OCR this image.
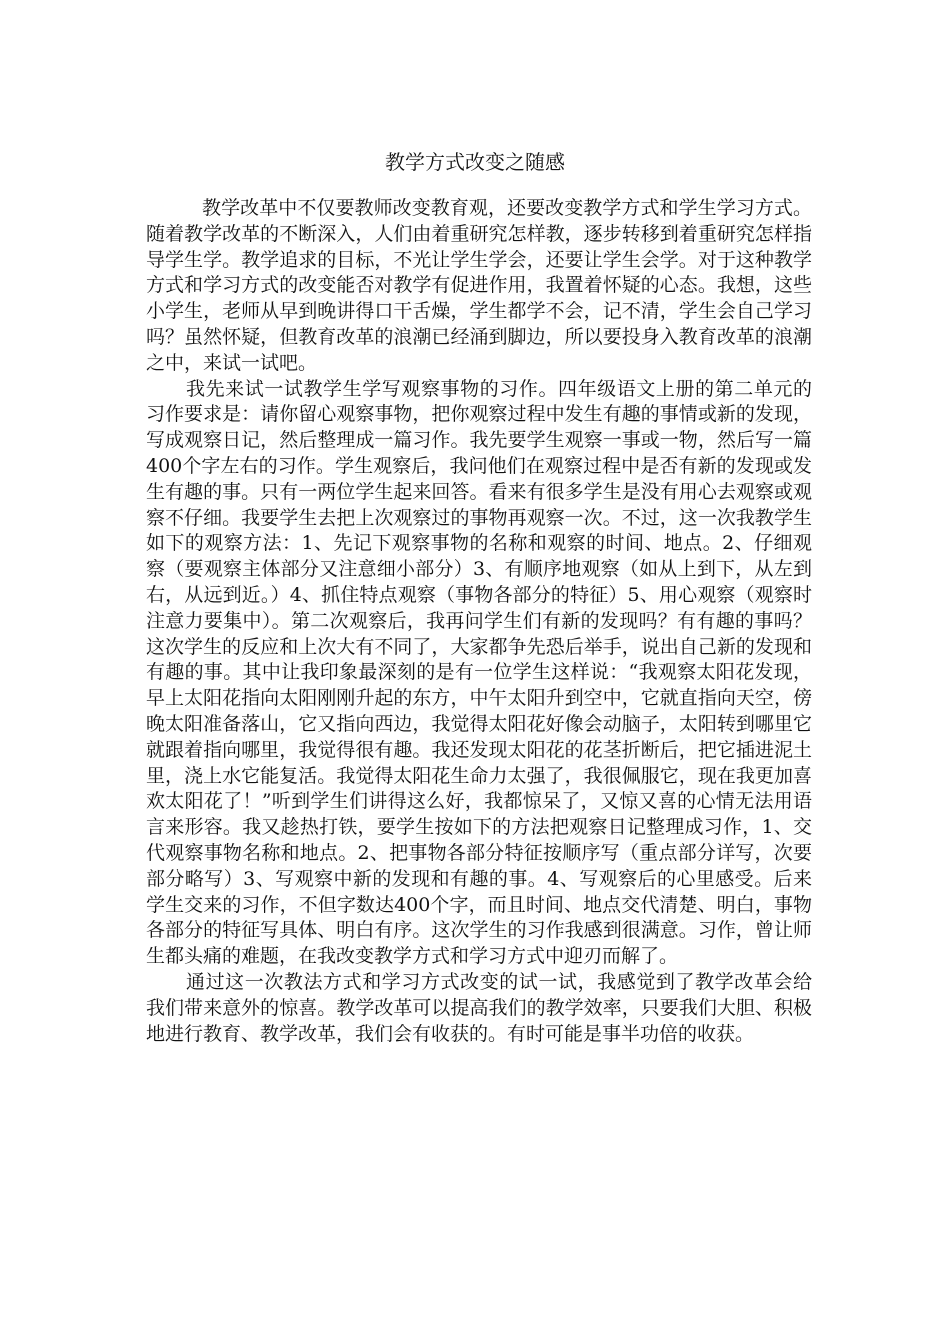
教学方式改变之随感

教学改革中不仅要教师改变教育观，还要改变教学方式和学生学习方式。随着教学改革的不断深入，人们由着重研究怎样教，逐步转移到着重研究怎样指导学生学。教学追求的目标，不光让学生学会，还要让学生会学。对于这种教学方式和学习方式的改变能否对教学有促进作用，我置着怀疑的心态。我想，这些小学生，老师从早到晚讲得口干舌燥，学生都学不会，记不清，学生会自己学习吗？虽然怀疑，但教育改革的浪潮已经涌到脚边，所以要投身入教育改革的浪潮之中，来试一试吧。

我先来试一试教学生学写观察事物的习作。四年级语文上册的第二单元的习作要求是：请你留心观察事物，把你观察过程中发生有趣的事情或新的发现，写成观察日记，然后整理成一篇习作。我先要学生观察一事或一物，然后写一篇400个字左右的习作。学生观察后，我问他们在观察过程中是否有新的发现或发生有趣的事。只有一两位学生起来回答。看来有很多学生是没有用心去观察或观察不仔细。我要学生去把上次观察过的事物再观察一次。不过，这一次我教学生如下的观察方法：1、先记下观察事物的名称和观察的时间、地点。2、仔细观察（要观察主体部分又注意细小部分）3、有顺序地观察（如从上到下，从左到右，从远到近。）4、抓住特点观察（事物各部分的特征）5、用心观察（观察时注意力要集中）。第二次观察后，我再问学生们有新的发现吗？有有趣的事吗？这次学生的反应和上次大有不同了，大家都争先恐后举手，说出自己新的发现和有趣的事。其中让我印象最深刻的是有一位学生这样说：“我观察太阳花发现，早上太阳花指向太阳刚刚升起的东方，中午太阳升到空中，它就直指向天空，傍晚太阳准备落山，它又指向西边，我觉得太阳花好像会动脑子，太阳转到哪里它就跟着指向哪里，我觉得很有趣。我还发现太阳花的花茎折断后，把它插进泥土里，浇上水它能复活。我觉得太阳花生命力太强了，我很佩服它，现在我更加喜欢太阳花了！”听到学生们讲得这么好，我都惊呆了，又惊又喜的心情无法用语言来形容。我又趁热打铁，要学生按如下的方法把观察日记整理成习作，1、交代观察事物名称和地点。2、把事物各部分特征按顺序写（重点部分详写，次要部分略写）3、写观察中新的发现和有趣的事。4、写观察后的心里感受。后来学生交来的习作，不但字数达400个字，而且时间、地点交代清楚、明白，事物各部分的特征写具体、明白有序。这次学生的习作我感到很满意。习作，曾让师生都头痛的难题，在我改变教学方式和学习方式中迎刃而解了。

通过这一次教法方式和学习方式改变的试一试，我感觉到了教学改革会给我们带来意外的惊喜。教学改革可以提高我们的教学效率，只要我们大胆、积极地进行教育、教学改革，我们会有收获的。有时可能是事半功倍的收获。
